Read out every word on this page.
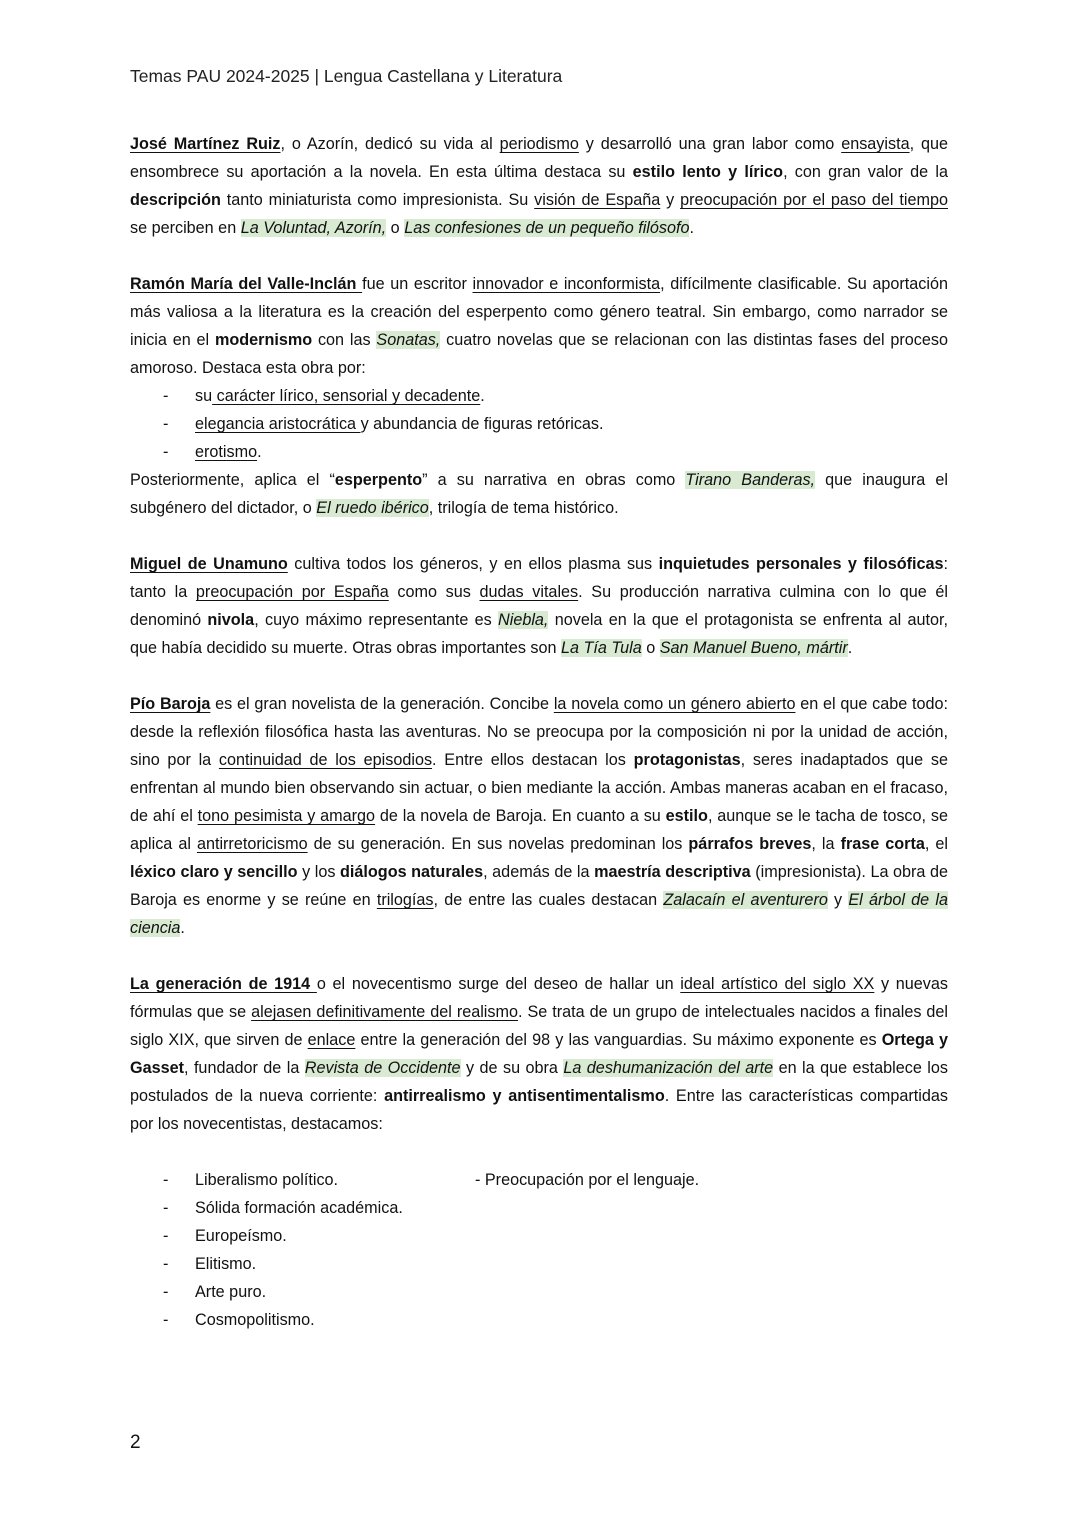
Temas PAU 2024-2025 | Lengua Castellana y Literatura

José Martínez Ruiz, o Azorín, dedicó su vida al periodismo y desarrolló una gran labor como ensayista, que ensombrece su aportación a la novela. En esta última destaca su estilo lento y lírico, con gran valor de la descripción tanto miniaturista como impresionista. Su visión de España y preocupación por el paso del tiempo se perciben en La Voluntad, Azorín, o Las confesiones de un pequeño filósofo.

Ramón María del Valle-Inclán fue un escritor innovador e inconformista, difícilmente clasificable. Su aportación más valiosa a la literatura es la creación del esperpento como género teatral. Sin embargo, como narrador se inicia en el modernismo con las Sonatas, cuatro novelas que se relacionan con las distintas fases del proceso amoroso. Destaca esta obra por:

- su carácter lírico, sensorial y decadente.
- elegancia aristocrática y abundancia de figuras retóricas.
- erotismo.

Posteriormente, aplica el “esperpento” a su narrativa en obras como Tirano Banderas, que inaugura el subgénero del dictador, o El ruedo ibérico, trilogía de tema histórico.

Miguel de Unamuno cultiva todos los géneros, y en ellos plasma sus inquietudes personales y filosóficas: tanto la preocupación por España como sus dudas vitales. Su producción narrativa culmina con lo que él denominó nivola, cuyo máximo representante es Niebla, novela en la que el protagonista se enfrenta al autor, que había decidido su muerte. Otras obras importantes son La Tía Tula o San Manuel Bueno, mártir.

Pío Baroja es el gran novelista de la generación. Concibe la novela como un género abierto en el que cabe todo: desde la reflexión filosófica hasta las aventuras. No se preocupa por la composición ni por la unidad de acción, sino por la continuidad de los episodios. Entre ellos destacan los protagonistas, seres inadaptados que se enfrentan al mundo bien observando sin actuar, o bien mediante la acción. Ambas maneras acaban en el fracaso, de ahí el tono pesimista y amargo de la novela de Baroja. En cuanto a su estilo, aunque se le tacha de tosco, se aplica al antirretoricismo de su generación. En sus novelas predominan los párrafos breves, la frase corta, el léxico claro y sencillo y los diálogos naturales, además de la maestría descriptiva (impresionista). La obra de Baroja es enorme y se reúne en trilogías, de entre las cuales destacan Zalacaín el aventurero y El árbol de la ciencia.

La generación de 1914 o el novecentismo surge del deseo de hallar un ideal artístico del siglo XX y nuevas fórmulas que se alejasen definitivamente del realismo. Se trata de un grupo de intelectuales nacidos a finales del siglo XIX, que sirven de enlace entre la generación del 98 y las vanguardias. Su máximo exponente es Ortega y Gasset, fundador de la Revista de Occidente y de su obra La deshumanización del arte en la que establece los postulados de la nueva corriente: antirrealismo y antisentimentalismo. Entre las características compartidas por los novecentistas, destacamos:

- Liberalismo político.
- Sólida formación académica.
- Europeísmo.
- Elitismo.
- Arte puro.
- Cosmopolitismo.
- Preocupación por el lenguaje.
2
